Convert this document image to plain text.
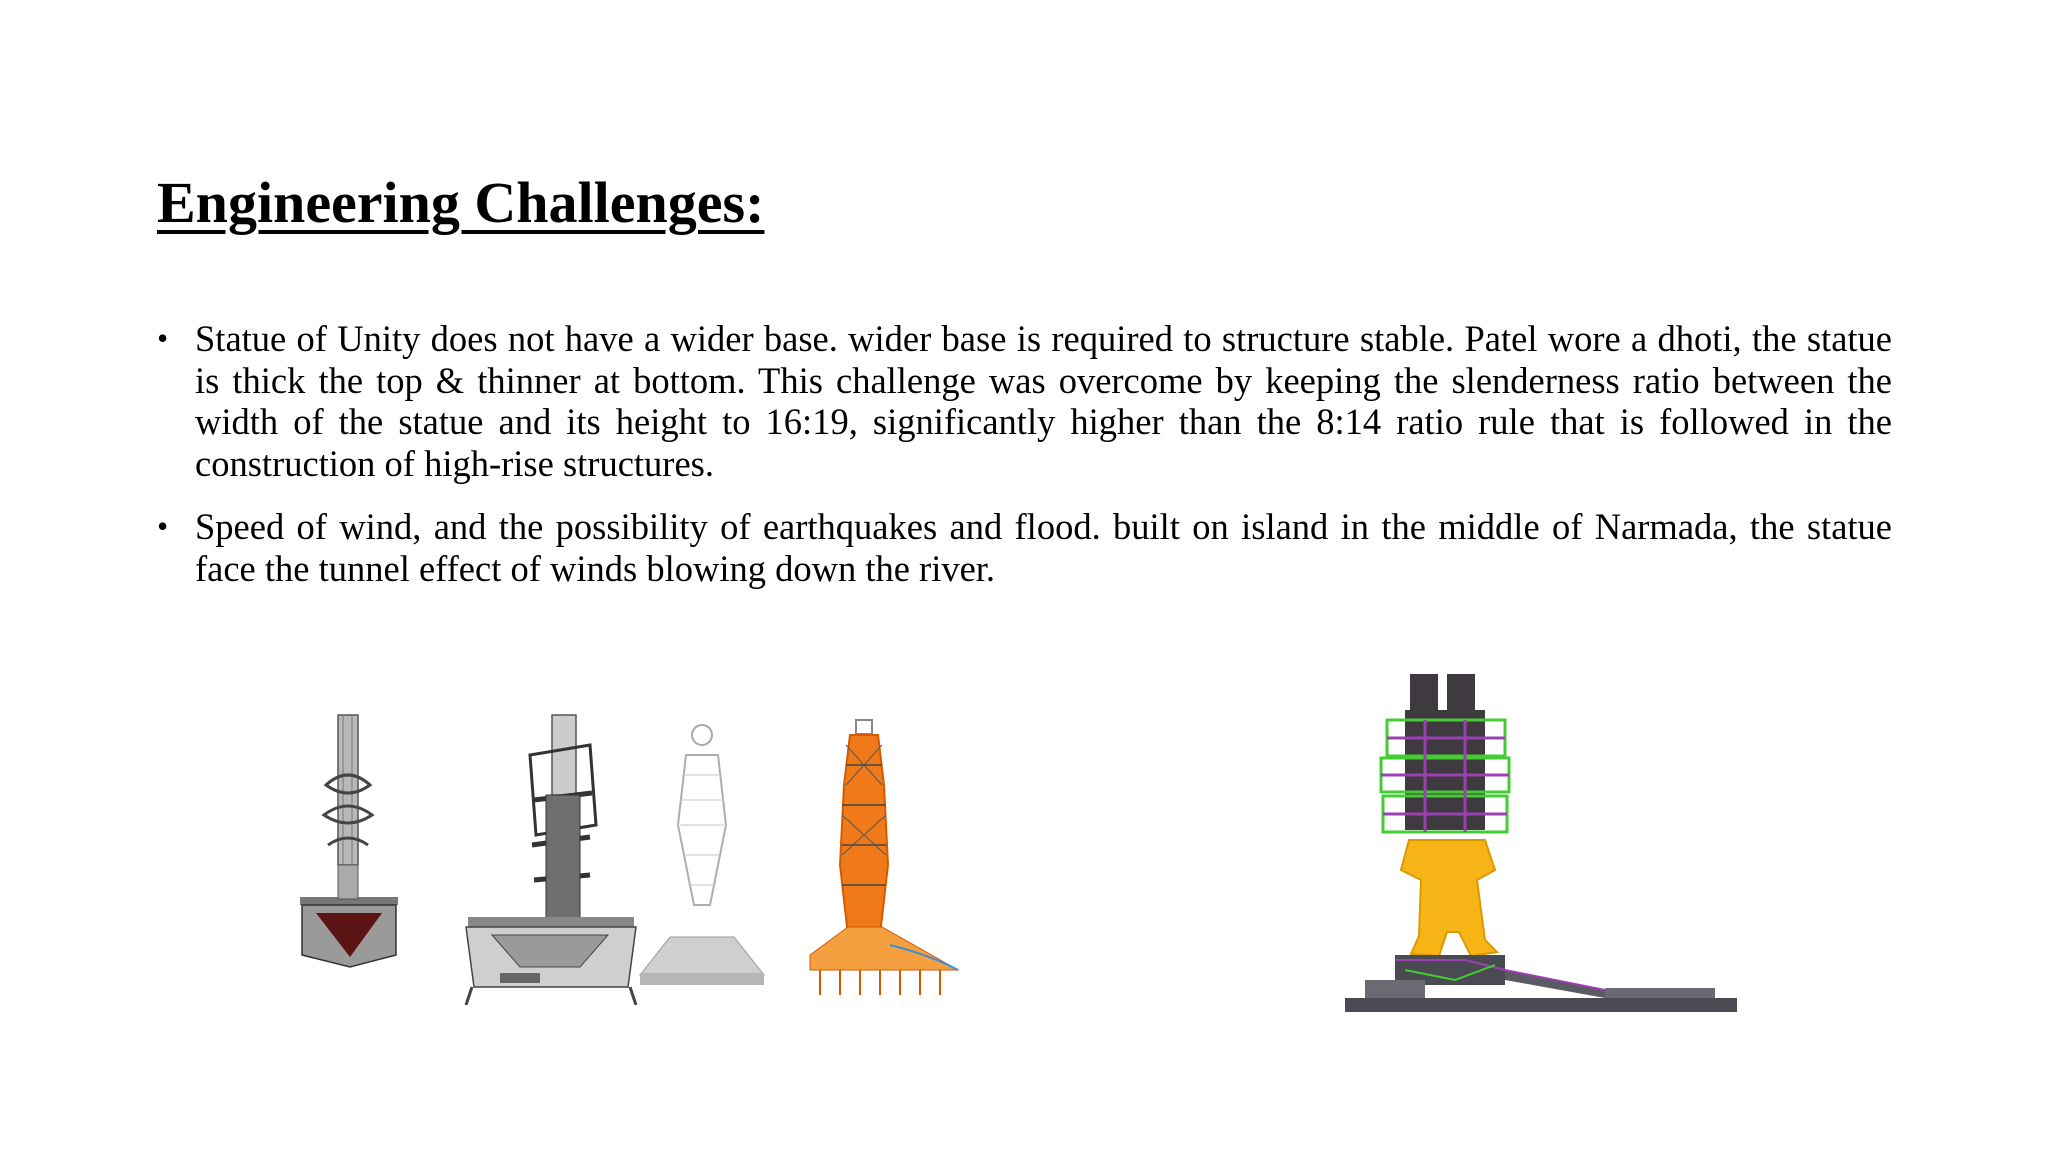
Engineering Challenges:
• Statue of Unity does not have a wider base. wider base is required to structure stable. Patel wore a dhoti, the statue is thick the top & thinner at bottom. This challenge was overcome by keeping the slenderness ratio between the width of the statue and its height to 16:19, significantly higher than the 8:14 ratio rule that is followed in the construction of high-rise structures.
• Speed of wind, and the possibility of earthquakes and flood. built on island in the middle of Narmada, the statue face the tunnel effect of winds blowing down the river.
